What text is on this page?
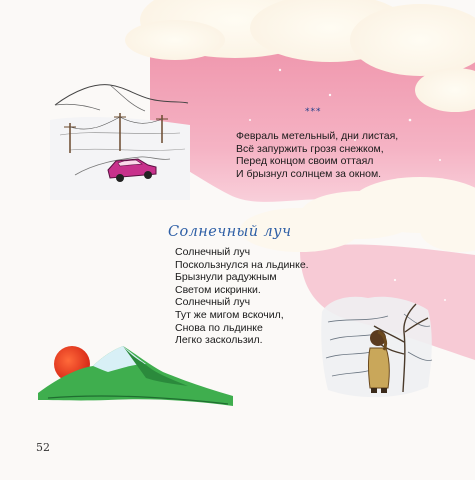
***
Февраль метельный, дни листая,
Всё запуржить грозя снежком,
Перед концом своим оттаял
И брызнул солнцем за окном.
Солнечный луч
Солнечный луч
Поскользнулся на льдинке.
Брызнули радужным
Светом искринки.
Солнечный луч
Тут же мигом вскочил,
Снова по льдинке
Легко заскользил.
52
